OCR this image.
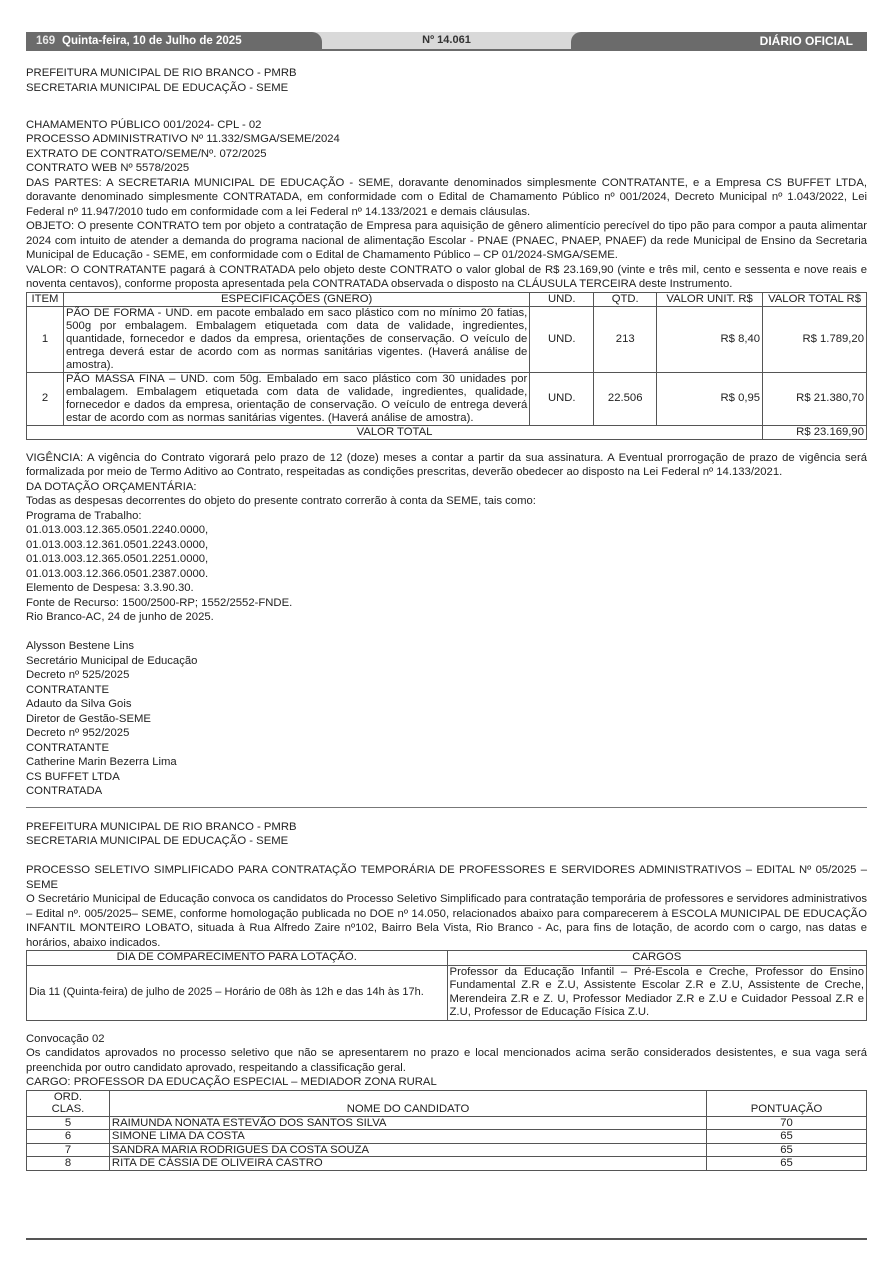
169 Quinta-feira, 10 de Julho de 2025	Nº 14.061	DIÁRIO OFICIAL

PREFEITURA MUNICIPAL DE RIO BRANCO - PMRB

SECRETARIA MUNICIPAL DE EDUCAÇÃO - SEME

CHAMAMENTO PÚBLICO 001/2024- CPL - 02

PROCESSO ADMINISTRATIVO Nº 11.332/SMGA/SEME/2024

EXTRATO DE CONTRATO/SEME/Nº. 072/2025

CONTRATO WEB Nº 5578/2025

DAS PARTES: A SECRETARIA MUNICIPAL DE EDUCAÇÃO - SEME, doravante denominados simplesmente CONTRATANTE, e a Empresa CS BUFFET LTDA, doravante denominado simplesmente CONTRATADA, em conformidade com o Edital de Chamamento Público nº 001/2024, Decreto Municipal nº 1.043/2022, Lei Federal nº 11.947/2010 tudo em conformidade com a lei Federal nº 14.133/2021 e demais cláusulas.

OBJETO: O presente CONTRATO tem por objeto a contratação de Empresa para aquisição de gênero alimentício perecível do tipo pão para compor a pauta alimentar 2024 com intuito de atender a demanda do programa nacional de alimentação Escolar - PNAE (PNAEC, PNAEP, PNAEF) da rede Municipal de Ensino da Secretaria Municipal de Educação - SEME, em conformidade com o Edital de Chamamento Público – CP 01/2024-SMGA/SEME.

VALOR: O CONTRATANTE pagará à CONTRATADA pelo objeto deste CONTRATO o valor global de R$ 23.169,90 (vinte e três mil, cento e sessenta e nove reais e noventa centavos), conforme proposta apresentada pela CONTRATADA observada o disposto na CLÁUSULA TERCEIRA deste Instrumento.

ITEM	ESPECIFICAÇÕES (GNERO)	UND.	QTD.	VALOR UNIT. R$	VALOR TOTAL R$
1	PÃO DE FORMA - UND. em pacote embalado em saco plástico com no mínimo 20 fatias, 500g por embalagem. Embalagem etiquetada com data de validade, ingredientes, quantidade, fornecedor e dados da empresa, orientações de conservação. O veículo de entrega deverá estar de acordo com as normas sanitárias vigentes. (Haverá análise de amostra).	UND.	213	R$ 8,40	R$ 1.789,20
2	PÃO MASSA FINA – UND. com 50g. Embalado em saco plástico com 30 unidades por embalagem. Embalagem etiquetada com data de validade, ingredientes, qualidade, fornecedor e dados da empresa, orientação de conservação. O veículo de entrega deverá estar de acordo com as normas sanitárias vigentes. (Haverá análise de amostra).	UND.	22.506	R$ 0,95	R$ 21.380,70
VALOR TOTAL					R$ 23.169,90

VIGÊNCIA: A vigência do Contrato vigorará pelo prazo de 12 (doze) meses a contar a partir da sua assinatura. A Eventual prorrogação de prazo de vigência será formalizada por meio de Termo Aditivo ao Contrato, respeitadas as condições prescritas, deverão obedecer ao disposto na Lei Federal nº 14.133/2021.

DA DOTAÇÃO ORÇAMENTÁRIA:

Todas as despesas decorrentes do objeto do presente contrato correrão à conta da SEME, tais como:

Programa de Trabalho:

01.013.003.12.365.0501.2240.0000,

01.013.003.12.361.0501.2243.0000,

01.013.003.12.365.0501.2251.0000,

01.013.003.12.366.0501.2387.0000.

Elemento de Despesa: 3.3.90.30.

Fonte de Recurso: 1500/2500-RP; 1552/2552-FNDE.

Rio Branco-AC, 24 de junho de 2025.

Alysson Bestene Lins

Secretário Municipal de Educação

Decreto nº 525/2025

CONTRATANTE

Adauto da Silva Gois

Diretor de Gestão-SEME

Decreto nº 952/2025

CONTRATANTE

Catherine Marin Bezerra Lima

CS BUFFET LTDA

CONTRATADA

PREFEITURA MUNICIPAL DE RIO BRANCO - PMRB

SECRETARIA MUNICIPAL DE EDUCAÇÃO - SEME

PROCESSO SELETIVO SIMPLIFICADO PARA CONTRATAÇÃO TEMPORÁRIA DE PROFESSORES E SERVIDORES ADMINISTRATIVOS – EDITAL Nº 05/2025 – SEME

O Secretário Municipal de Educação convoca os candidatos do Processo Seletivo Simplificado para contratação temporária de professores e servidores administrativos – Edital nº. 005/2025– SEME, conforme homologação publicada no DOE nº 14.050, relacionados abaixo para comparecerem à ESCOLA MUNICIPAL DE EDUCAÇÃO INFANTIL MONTEIRO LOBATO, situada à Rua Alfredo Zaire nº102, Bairro Bela Vista, Rio Branco - Ac, para fins de lotação, de acordo com o cargo, nas datas e horários, abaixo indicados.

DIA DE COMPARECIMENTO PARA LOTAÇÃO.	CARGOS
Dia 11 (Quinta-feira) de julho de 2025 – Horário de 08h às 12h e das 14h às 17h.	Professor da Educação Infantil – Pré-Escola e Creche, Professor do Ensino Fundamental Z.R e Z.U, Assistente Escolar Z.R e Z.U, Assistente de Creche, Merendeira Z.R e Z. U, Professor Mediador Z.R e Z.U e Cuidador Pessoal Z.R e Z.U, Professor de Educação Física Z.U.

Convocação 02

Os candidatos aprovados no processo seletivo que não se apresentarem no prazo e local mencionados acima serão considerados desistentes, e sua vaga será preenchida por outro candidato aprovado, respeitando a classificação geral.

CARGO: PROFESSOR DA EDUCAÇÃO ESPECIAL – MEDIADOR ZONA RURAL

ORD.
CLAS.	NOME DO CANDIDATO	PONTUAÇÃO
5	RAIMUNDA NONATA ESTEVÃO DOS SANTOS SILVA	70
6	SIMONE LIMA DA COSTA	65
7	SANDRA MARIA RODRIGUES DA COSTA SOUZA	65
8	RITA DE CÁSSIA DE OLIVEIRA CASTRO	65
